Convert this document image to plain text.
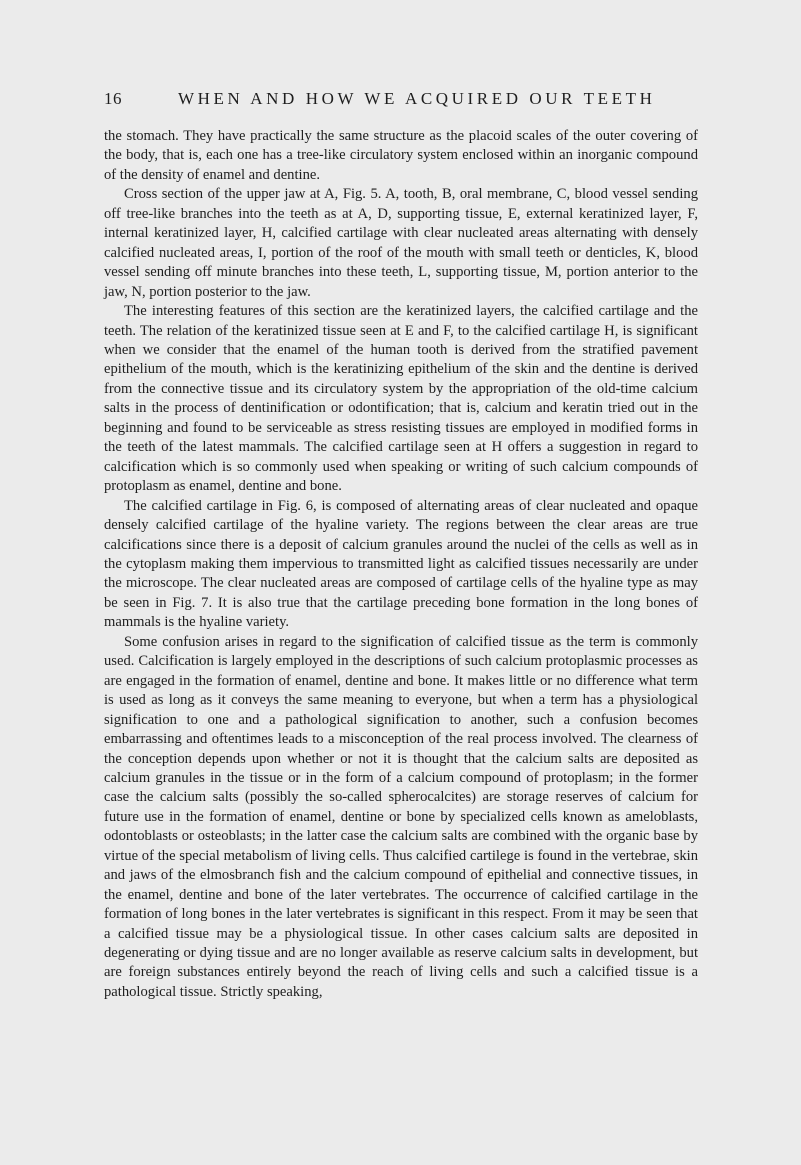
16	WHEN AND HOW WE ACQUIRED OUR TEETH

the stomach. They have practically the same structure as the placoid scales of the outer covering of the body, that is, each one has a tree-like circulatory system enclosed within an inorganic compound of the density of enamel and dentine.

Cross section of the upper jaw at A, Fig. 5. A, tooth, B, oral membrane, C, blood vessel sending off tree-like branches into the teeth as at A, D, supporting tissue, E, external keratinized layer, F, internal keratinized layer, H, calcified cartilage with clear nucleated areas alternating with densely calcified nucleated areas, I, portion of the roof of the mouth with small teeth or denticles, K, blood vessel sending off minute branches into these teeth, L, supporting tissue, M, portion anterior to the jaw, N, portion posterior to the jaw.

The interesting features of this section are the keratinized layers, the calcified cartilage and the teeth. The relation of the keratinized tissue seen at E and F, to the calcified cartilage H, is significant when we consider that the enamel of the human tooth is derived from the stratified pavement epithelium of the mouth, which is the keratinizing epithelium of the skin and the dentine is derived from the connective tissue and its circulatory system by the appropriation of the old-time calcium salts in the process of dentinification or odontification; that is, calcium and keratin tried out in the beginning and found to be serviceable as stress resisting tissues are employed in modified forms in the teeth of the latest mammals. The calcified cartilage seen at H offers a suggestion in regard to calcification which is so commonly used when speaking or writing of such calcium compounds of protoplasm as enamel, dentine and bone.

The calcified cartilage in Fig. 6, is composed of alternating areas of clear nucleated and opaque densely calcified cartilage of the hyaline variety. The regions between the clear areas are true calcifications since there is a deposit of calcium granules around the nuclei of the cells as well as in the cytoplasm making them impervious to transmitted light as calcified tissues necessarily are under the microscope. The clear nucleated areas are composed of cartilage cells of the hyaline type as may be seen in Fig. 7. It is also true that the cartilage preceding bone formation in the long bones of mammals is the hyaline variety.

Some confusion arises in regard to the signification of calcified tissue as the term is commonly used. Calcification is largely employed in the descriptions of such calcium protoplasmic processes as are engaged in the formation of enamel, dentine and bone. It makes little or no difference what term is used as long as it conveys the same meaning to everyone, but when a term has a physiological signification to one and a pathological signification to another, such a confusion becomes embarrassing and oftentimes leads to a misconception of the real process involved. The clearness of the conception depends upon whether or not it is thought that the calcium salts are deposited as calcium granules in the tissue or in the form of a calcium compound of protoplasm; in the former case the calcium salts (possibly the so-called spherocalcites) are storage reserves of calcium for future use in the formation of enamel, dentine or bone by specialized cells known as ameloblasts, odontoblasts or osteoblasts; in the latter case the calcium salts are combined with the organic base by virtue of the special metabolism of living cells. Thus calcified cartilege is found in the vertebrae, skin and jaws of the elmosbranch fish and the calcium compound of epithelial and connective tissues, in the enamel, dentine and bone of the later vertebrates. The occurrence of calcified cartilage in the formation of long bones in the later vertebrates is significant in this respect. From it may be seen that a calcified tissue may be a physiological tissue. In other cases calcium salts are deposited in degenerating or dying tissue and are no longer available as reserve calcium salts in development, but are foreign substances entirely beyond the reach of living cells and such a calcified tissue is a pathological tissue. Strictly speaking,
